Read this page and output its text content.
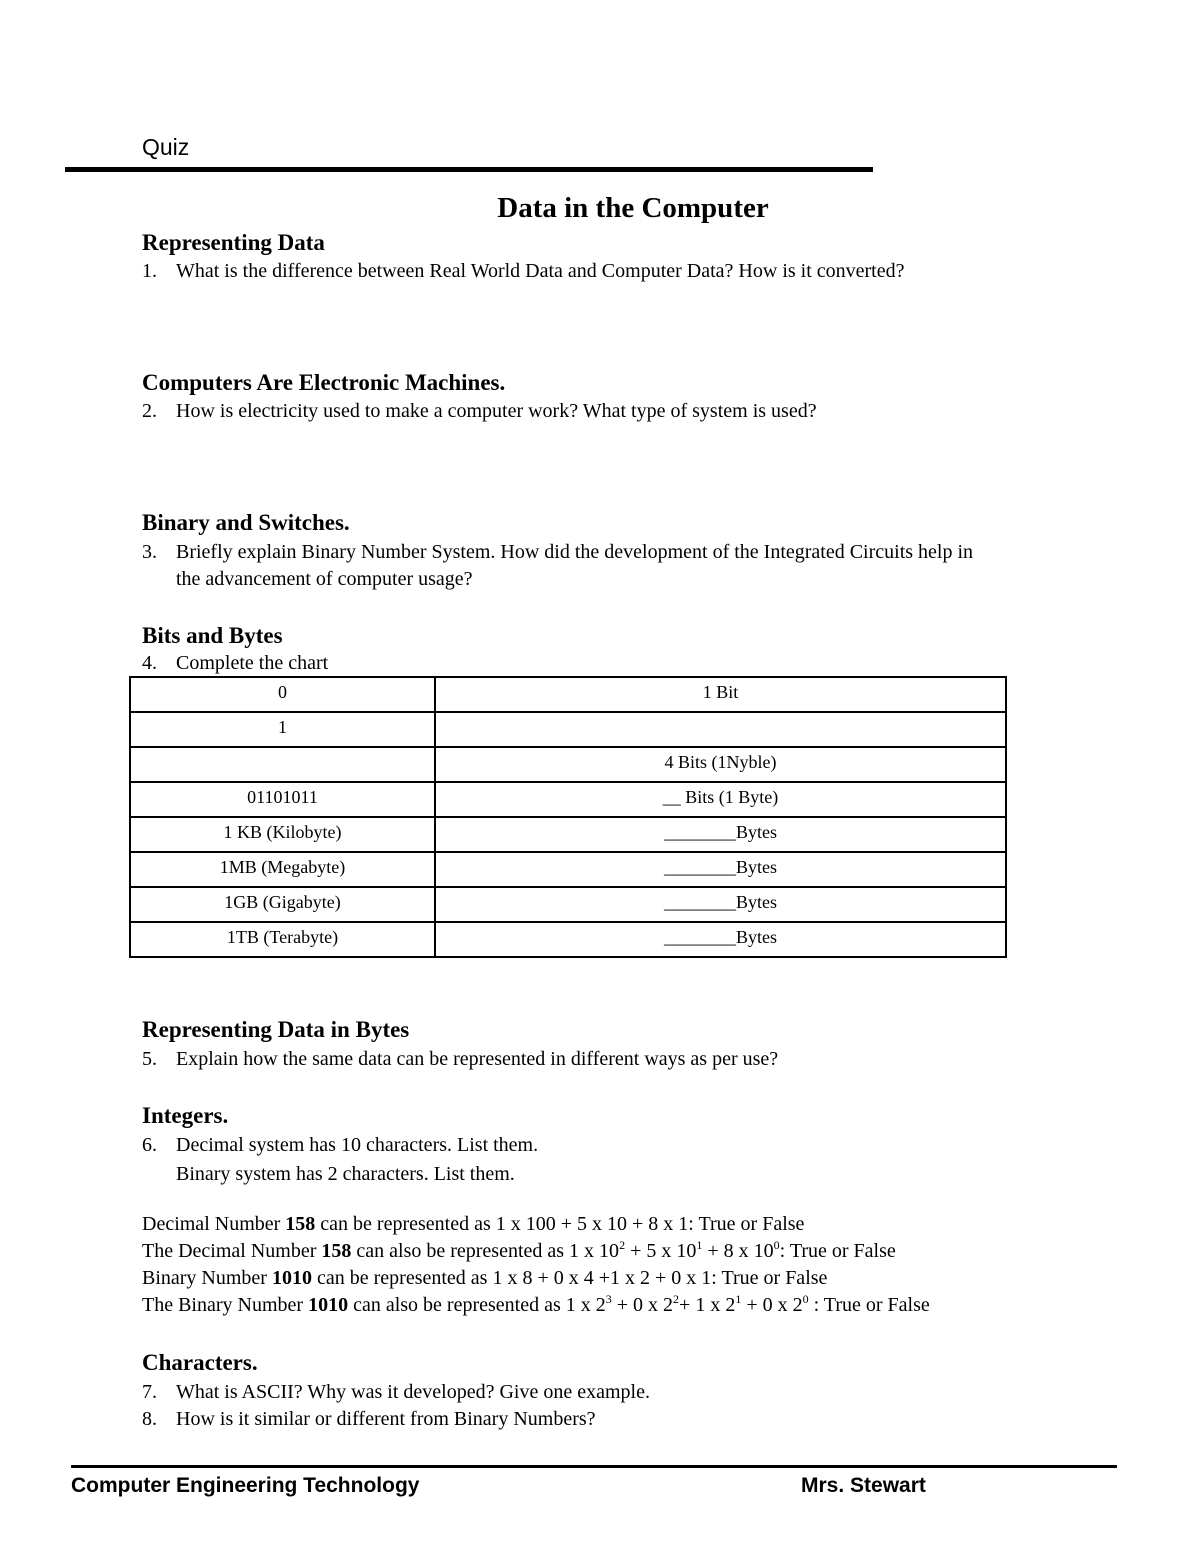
Quiz
Data in the Computer
Representing Data
1. What is the difference between Real World Data and Computer Data? How is it converted?
Computers Are Electronic Machines.
2. How is electricity used to make a computer work? What type of system is used?
Binary and Switches.
3. Briefly explain Binary Number System. How did the development of the Integrated Circuits help in
the advancement of computer usage?
Bits and Bytes
4. Complete the chart
0	1 Bit
1	
	4 Bits (1Nyble)
01101011	__ Bits (1 Byte)
1 KB (Kilobyte)	________Bytes
1MB (Megabyte)	________Bytes
1GB (Gigabyte)	________Bytes
1TB (Terabyte)	________Bytes
Representing Data in Bytes
5. Explain how the same data can be represented in different ways as per use?
Integers.
6. Decimal system has 10 characters. List them.
Binary system has 2 characters. List them.
Decimal Number 158 can be represented as 1 x 100 + 5 x 10 + 8 x 1: True or False
The Decimal Number 158 can also be represented as 1 x $10^2 + 5$ x $10^1 + 8$ x $10^0$: True or False
Binary Number 1010 can be represented as 1 x 8 + 0 x 4 +1 x 2 + 0 x 1: True or False
The Binary Number 1010 can also be represented as 1 x $2^3 + 0$ x $2^2+ 1$ x $2^1 + 0$ x $2^0$ : True or False
Characters.
7. What is ASCII? Why was it developed? Give one example.
8. How is it similar or different from Binary Numbers?
Computer Engineering Technology	Mrs. Stewart
